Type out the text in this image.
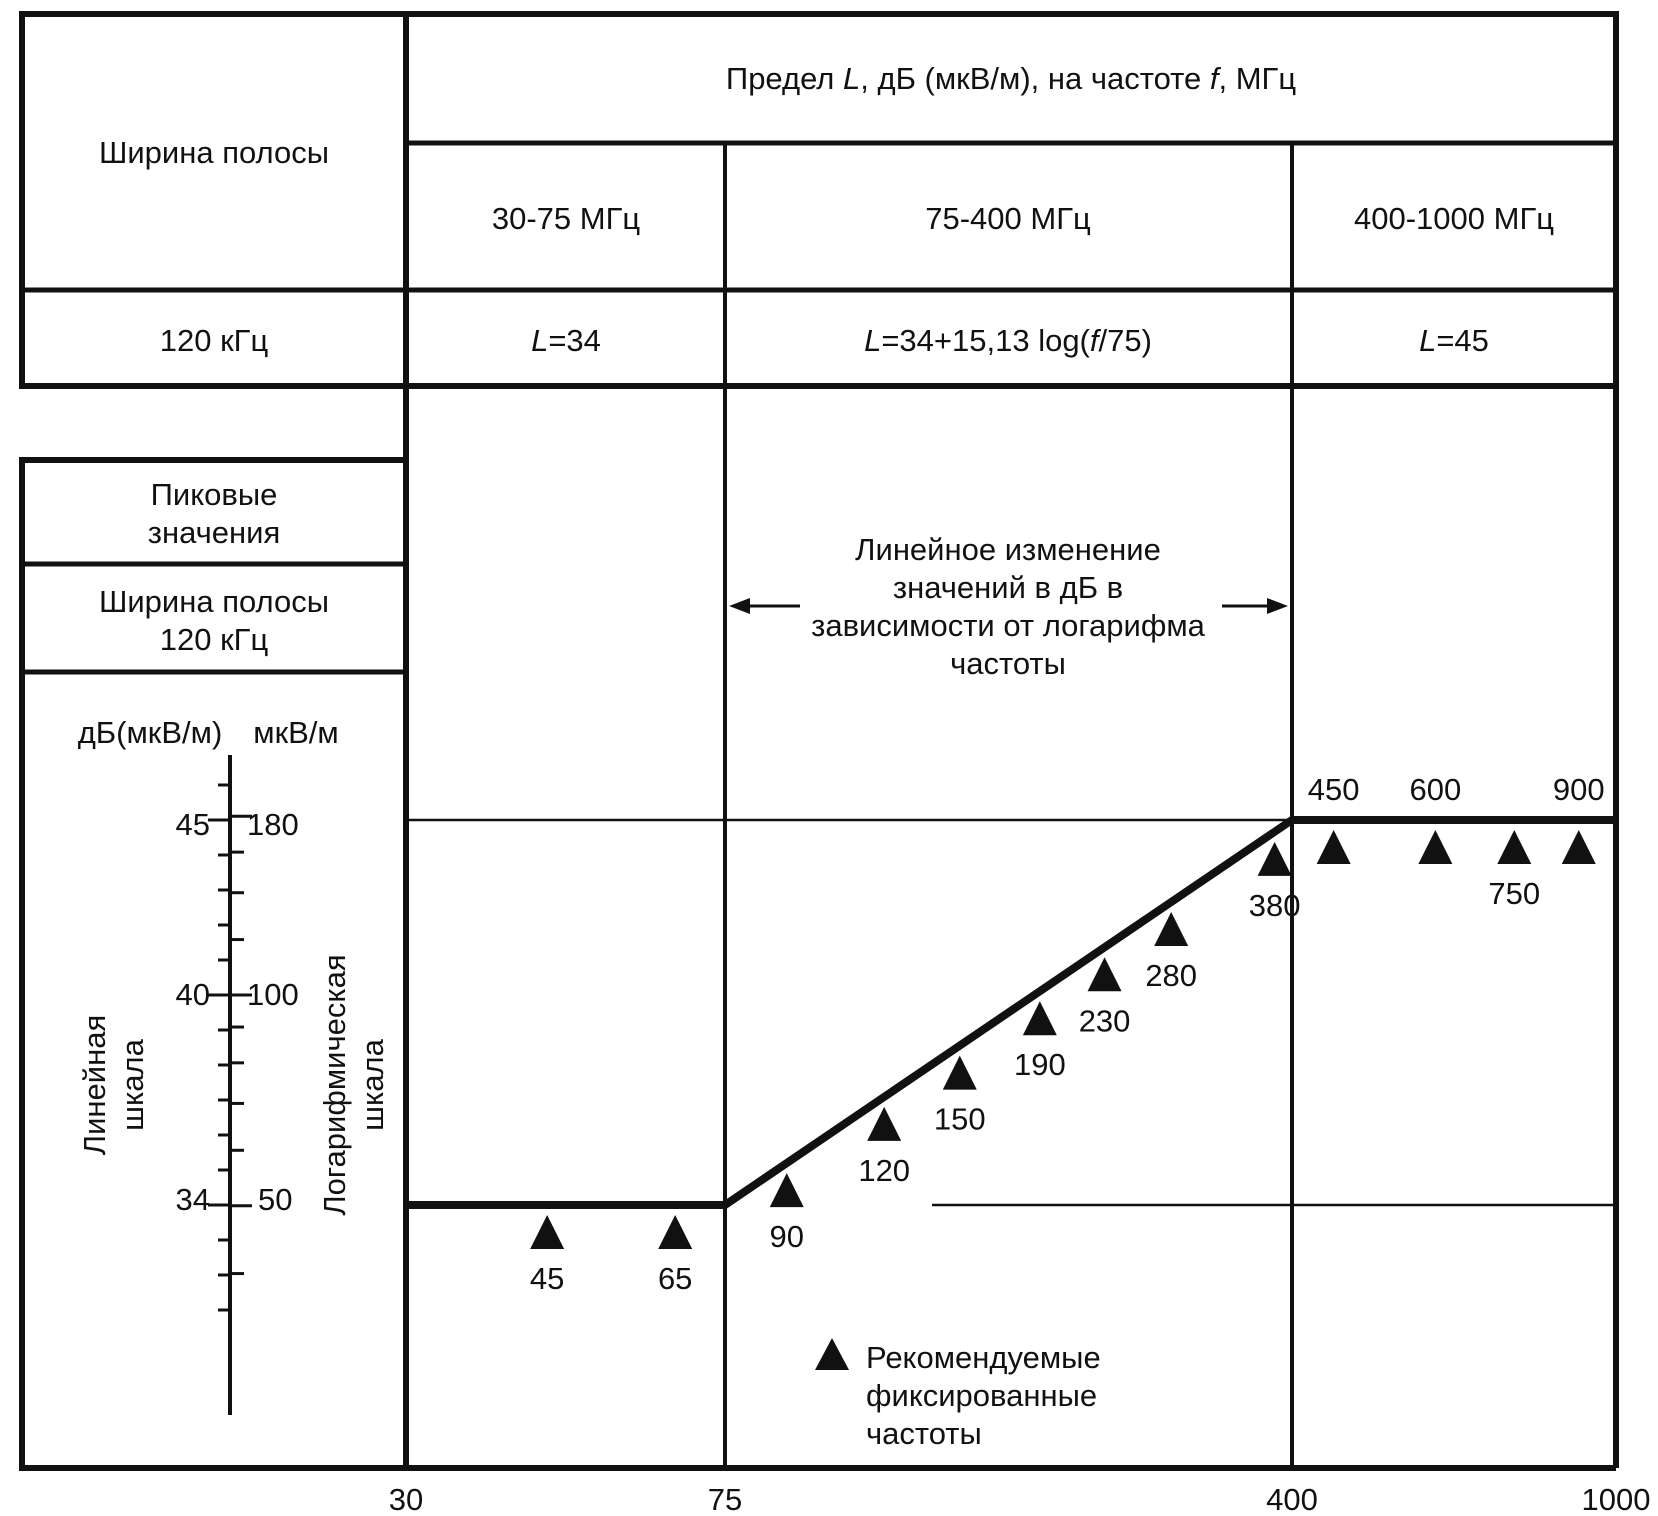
Предел L, дБ (мкВ/м), на частоте f, МГц
Ширина полосы
30-75 МГц	75-400 МГц	400-1000 МГц
120 кГц	L=34	L=34+15,13 log(f/75)	L=45
Пиковые
значения
Ширина полосы
120 кГц
дБ(мкВ/м) мкВ/м
45 180
40 100
34 50
Линейная шкала	Логарифмическая шкала
Линейное изменение
значений в дБ в
зависимости от логарифма
частоты
45	65
90
120
150
190
230
280
380
450 600
750
900
30	75	400	1000
Рекомендуемые
фиксированные
частоты
